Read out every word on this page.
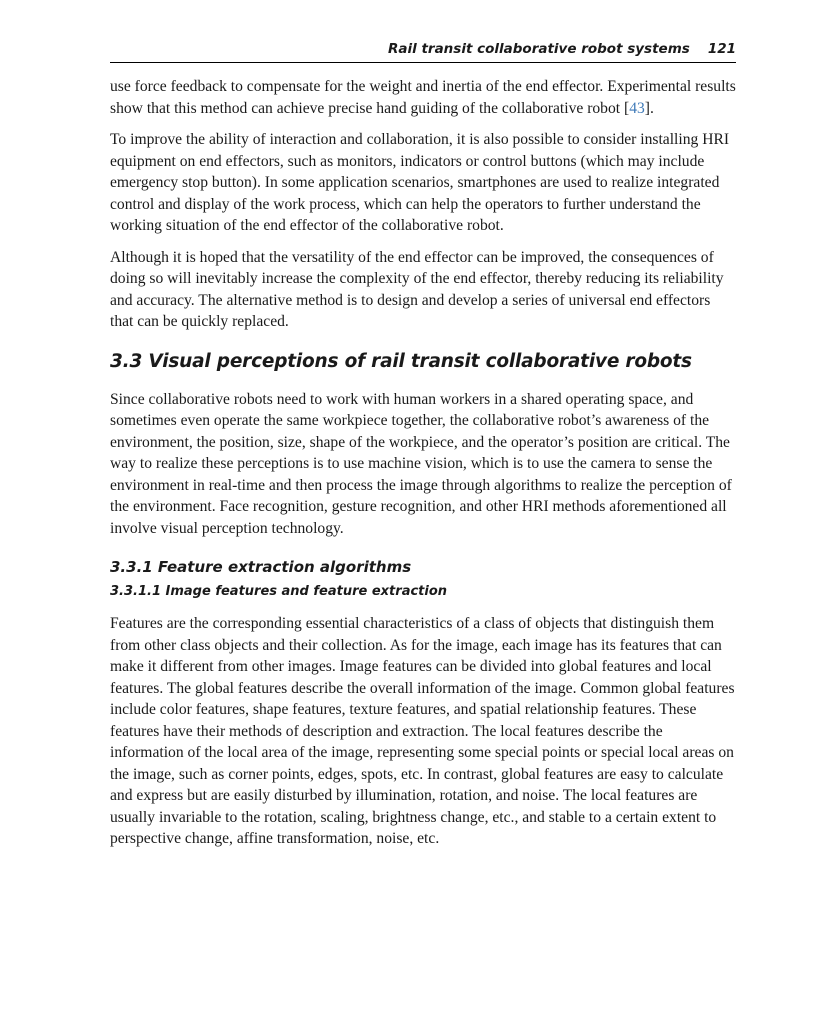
Rail transit collaborative robot systems 121

use force feedback to compensate for the weight and inertia of the end effector. Experimental results show that this method can achieve precise hand guiding of the collaborative robot [43].

To improve the ability of interaction and collaboration, it is also possible to consider installing HRI equipment on end effectors, such as monitors, indicators or control buttons (which may include emergency stop button). In some application scenarios, smartphones are used to realize integrated control and display of the work process, which can help the operators to further understand the working situation of the end effector of the collaborative robot.

Although it is hoped that the versatility of the end effector can be improved, the consequences of doing so will inevitably increase the complexity of the end effector, thereby reducing its reliability and accuracy. The alternative method is to design and develop a series of universal end effectors that can be quickly replaced.

3.3 Visual perceptions of rail transit collaborative robots

Since collaborative robots need to work with human workers in a shared operating space, and sometimes even operate the same workpiece together, the collaborative robot’s awareness of the environment, the position, size, shape of the workpiece, and the operator’s position are critical. The way to realize these perceptions is to use machine vision, which is to use the camera to sense the environment in real-time and then process the image through algorithms to realize the perception of the environment. Face recognition, gesture recognition, and other HRI methods aforementioned all involve visual perception technology.

3.3.1 Feature extraction algorithms
3.3.1.1 Image features and feature extraction

Features are the corresponding essential characteristics of a class of objects that distinguish them from other class objects and their collection. As for the image, each image has its features that can make it different from other images. Image features can be divided into global features and local features. The global features describe the overall information of the image. Common global features include color features, shape features, texture features, and spatial relationship features. These features have their methods of description and extraction. The local features describe the information of the local area of the image, representing some special points or special local areas on the image, such as corner points, edges, spots, etc. In contrast, global features are easy to calculate and express but are easily disturbed by illumination, rotation, and noise. The local features are usually invariable to the rotation, scaling, brightness change, etc., and stable to a certain extent to perspective change, affine transformation, noise, etc.
